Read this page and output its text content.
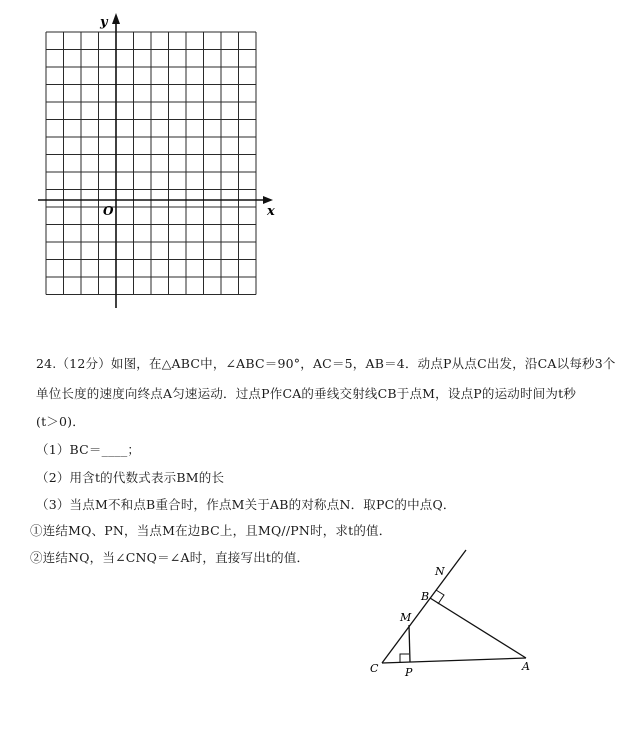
y
x
O
24.（12分）如图，在△ABC中，∠ABC＝90°，AC＝5，AB＝4．动点P从点C出发，沿CA以每秒3个
单位长度的速度向终点A匀速运动．过点P作CA的垂线交射线CB于点M，设点P的运动时间为t秒
(t＞0)．
（1）BC＝____；
（2）用含t的代数式表示BM的长
（3）当点M不和点B重合时，作点M关于AB的对称点N．取PC的中点Q．
①连结MQ、PN，当点M在边BC上，且MQ//PN时，求t的值．
②连结NQ，当∠CNQ＝∠A时，直接写出t的值．
N
B
M
C P	A
